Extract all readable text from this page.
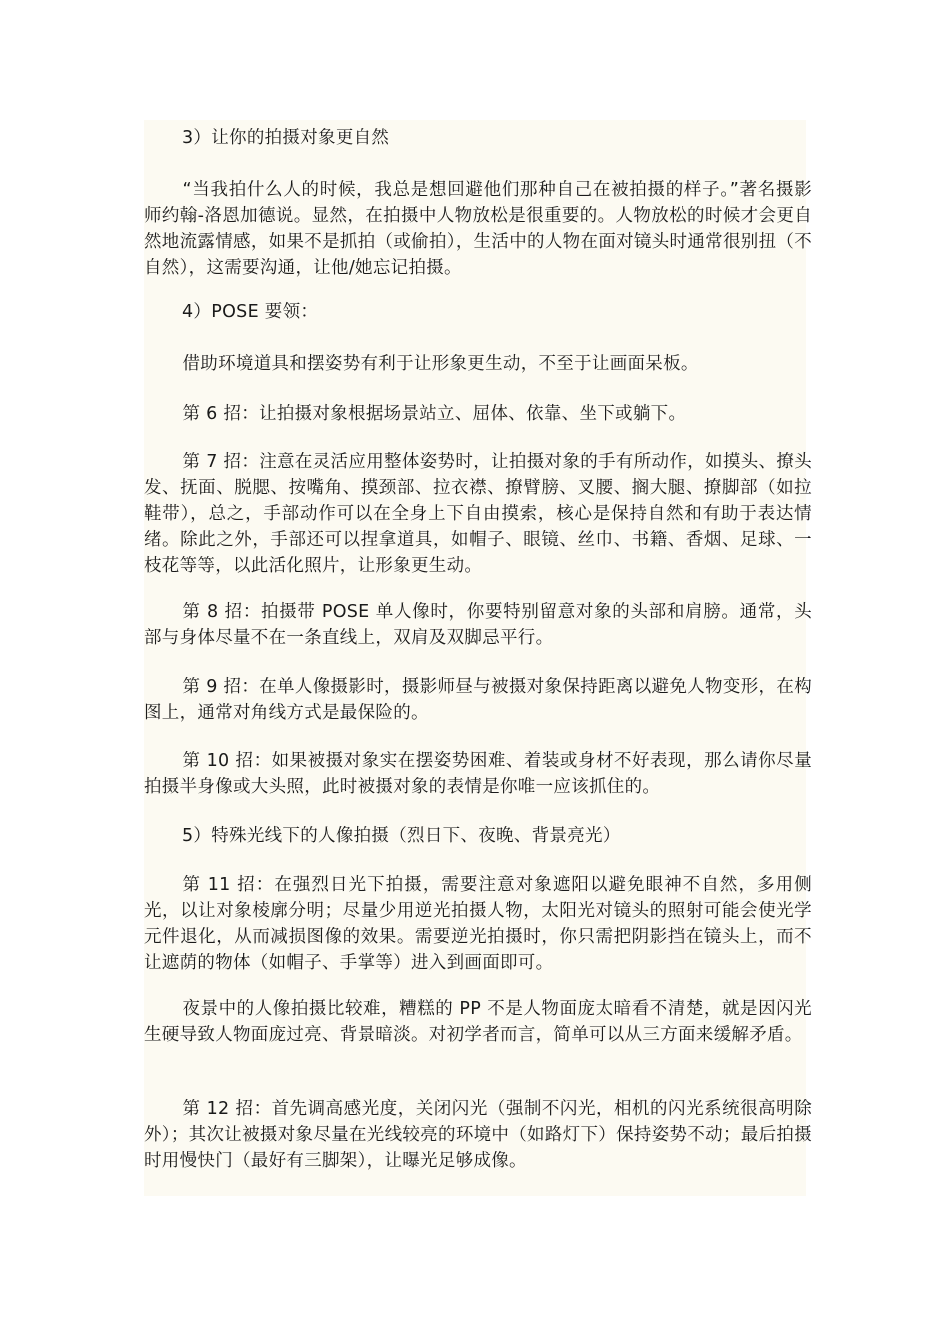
3）让你的拍摄对象更自然

“当我拍什么人的时候，我总是想回避他们那种自己在被拍摄的样子。”著名摄影师约翰-洛恩加德说。显然，在拍摄中人物放松是很重要的。人物放松的时候才会更自然地流露情感，如果不是抓拍（或偷拍），生活中的人物在面对镜头时通常很别扭（不自然），这需要沟通，让他/她忘记拍摄。

4）POSE 要领：

借助环境道具和摆姿势有利于让形象更生动，不至于让画面呆板。

第 6 招：让拍摄对象根据场景站立、屈体、依靠、坐下或躺下。

第 7 招：注意在灵活应用整体姿势时，让拍摄对象的手有所动作，如摸头、撩头发、抚面、脱腮、按嘴角、摸颈部、拉衣襟、撩臂膀、叉腰、搁大腿、撩脚部（如拉鞋带），总之，手部动作可以在全身上下自由摸索，核心是保持自然和有助于表达情绪。除此之外，手部还可以捏拿道具，如帽子、眼镜、丝巾、书籍、香烟、足球、一枝花等等，以此活化照片，让形象更生动。

第 8 招：拍摄带 POSE 单人像时，你要特别留意对象的头部和肩膀。通常，头部与身体尽量不在一条直线上，双肩及双脚忌平行。

第 9 招：在单人像摄影时，摄影师昼与被摄对象保持距离以避免人物变形，在构图上，通常对角线方式是最保险的。

第 10 招：如果被摄对象实在摆姿势困难、着装或身材不好表现，那么请你尽量拍摄半身像或大头照，此时被摄对象的表情是你唯一应该抓住的。

5）特殊光线下的人像拍摄（烈日下、夜晚、背景亮光）

第 11 招：在强烈日光下拍摄，需要注意对象遮阳以避免眼神不自然，多用侧光，以让对象棱廓分明；尽量少用逆光拍摄人物，太阳光对镜头的照射可能会使光学元件退化，从而减损图像的效果。需要逆光拍摄时，你只需把阴影挡在镜头上，而不让遮荫的物体（如帽子、手掌等）进入到画面即可。

夜景中的人像拍摄比较难，糟糕的 PP 不是人物面庞太暗看不清楚，就是因闪光生硬导致人物面庞过亮、背景暗淡。对初学者而言，简单可以从三方面来缓解矛盾。

第 12 招：首先调高感光度，关闭闪光（强制不闪光，相机的闪光系统很高明除外）；其次让被摄对象尽量在光线较亮的环境中（如路灯下）保持姿势不动；最后拍摄时用慢快门（最好有三脚架），让曝光足够成像。
